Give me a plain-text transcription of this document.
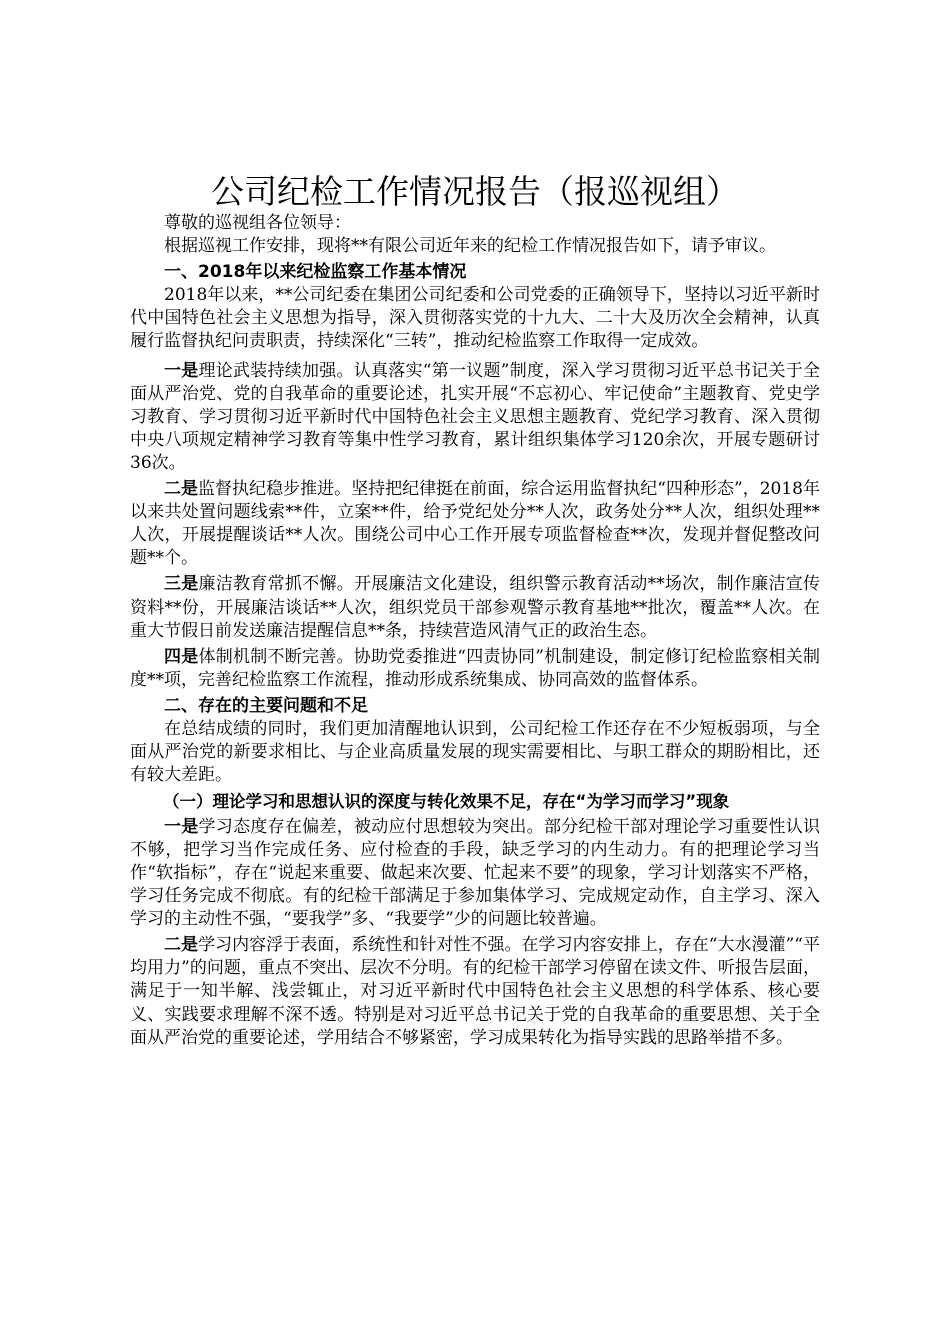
公司纪检工作情况报告（报巡视组）

尊敬的巡视组各位领导：

根据巡视工作安排，现将**有限公司近年来的纪检工作情况报告如下，请予审议。

一、2018年以来纪检监察工作基本情况

2018年以来，**公司纪委在集团公司纪委和公司党委的正确领导下，坚持以习近平新时代中国特色社会主义思想为指导，深入贯彻落实党的十九大、二十大及历次全会精神，认真履行监督执纪问责职责，持续深化“三转”，推动纪检监察工作取得一定成效。

一是理论武装持续加强。认真落实“第一议题”制度，深入学习贯彻习近平总书记关于全面从严治党、党的自我革命的重要论述，扎实开展“不忘初心、牢记使命”主题教育、党史学习教育、学习贯彻习近平新时代中国特色社会主义思想主题教育、党纪学习教育、深入贯彻中央八项规定精神学习教育等集中性学习教育，累计组织集体学习120余次，开展专题研讨36次。

二是监督执纪稳步推进。坚持把纪律挺在前面，综合运用监督执纪“四种形态”，2018年以来共处置问题线索**件，立案**件，给予党纪处分**人次，政务处分**人次，组织处理**人次，开展提醒谈话**人次。围绕公司中心工作开展专项监督检查**次，发现并督促整改问题**个。

三是廉洁教育常抓不懈。开展廉洁文化建设，组织警示教育活动**场次，制作廉洁宣传资料**份，开展廉洁谈话**人次，组织党员干部参观警示教育基地**批次，覆盖**人次。在重大节假日前发送廉洁提醒信息**条，持续营造风清气正的政治生态。

四是体制机制不断完善。协助党委推进“四责协同”机制建设，制定修订纪检监察相关制度**项，完善纪检监察工作流程，推动形成系统集成、协同高效的监督体系。

二、存在的主要问题和不足

在总结成绩的同时，我们更加清醒地认识到，公司纪检工作还存在不少短板弱项，与全面从严治党的新要求相比、与企业高质量发展的现实需要相比、与职工群众的期盼相比，还有较大差距。

（一）理论学习和思想认识的深度与转化效果不足，存在“为学习而学习”现象

一是学习态度存在偏差，被动应付思想较为突出。部分纪检干部对理论学习重要性认识不够，把学习当作完成任务、应付检查的手段，缺乏学习的内生动力。有的把理论学习当作“软指标”，存在“说起来重要、做起来次要、忙起来不要”的现象，学习计划落实不严格，学习任务完成不彻底。有的纪检干部满足于参加集体学习、完成规定动作，自主学习、深入学习的主动性不强，“要我学”多、“我要学”少的问题比较普遍。

二是学习内容浮于表面，系统性和针对性不强。在学习内容安排上，存在“大水漫灌”“平均用力”的问题，重点不突出、层次不分明。有的纪检干部学习停留在读文件、听报告层面，满足于一知半解、浅尝辄止，对习近平新时代中国特色社会主义思想的科学体系、核心要义、实践要求理解不深不透。特别是对习近平总书记关于党的自我革命的重要思想、关于全面从严治党的重要论述，学用结合不够紧密，学习成果转化为指导实践的思路举措不多。
